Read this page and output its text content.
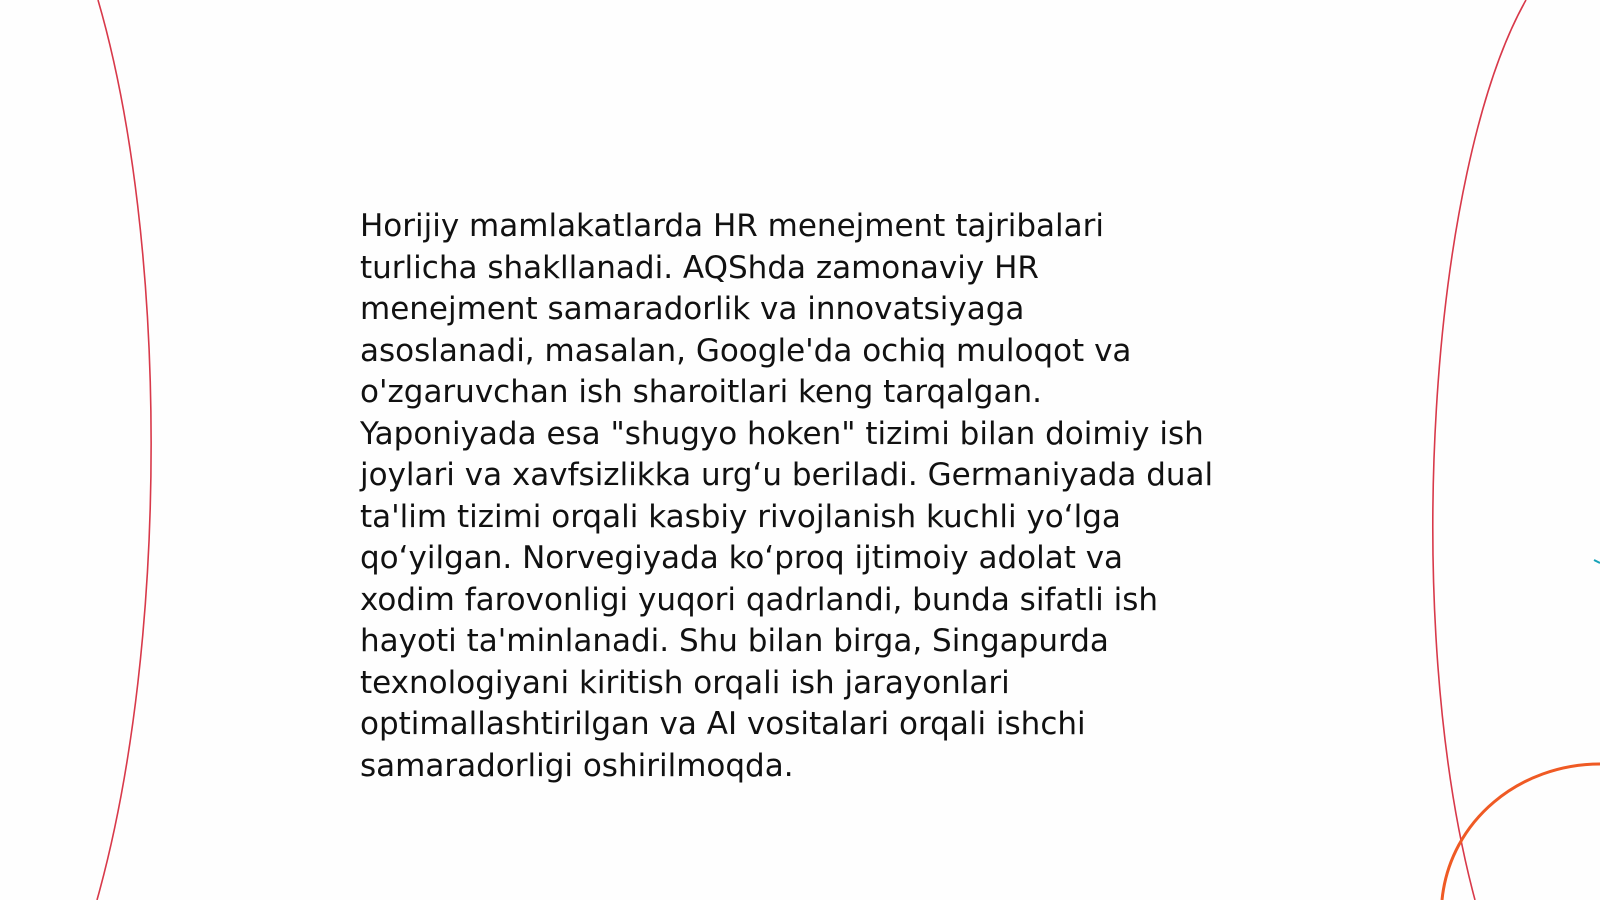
Horijiy mamlakatlarda HR menejment tajribalari
turlicha shakllanadi. AQShda zamonaviy HR
menejment samaradorlik va innovatsiyaga
asoslanadi, masalan, Google'da ochiq muloqot va
o'zgaruvchan ish sharoitlari keng tarqalgan.
Yaponiyada esa "shugyo hoken" tizimi bilan doimiy ish
joylari va xavfsizlikka urg‘u beriladi. Germaniyada dual
ta'lim tizimi orqali kasbiy rivojlanish kuchli yo‘lga
qo‘yilgan. Norvegiyada ko‘proq ijtimoiy adolat va
xodim farovonligi yuqori qadrlandi, bunda sifatli ish
hayoti ta'minlanadi. Shu bilan birga, Singapurda
texnologiyani kiritish orqali ish jarayonlari
optimallashtirilgan va AI vositalari orqali ishchi
samaradorligi oshirilmoqda.
